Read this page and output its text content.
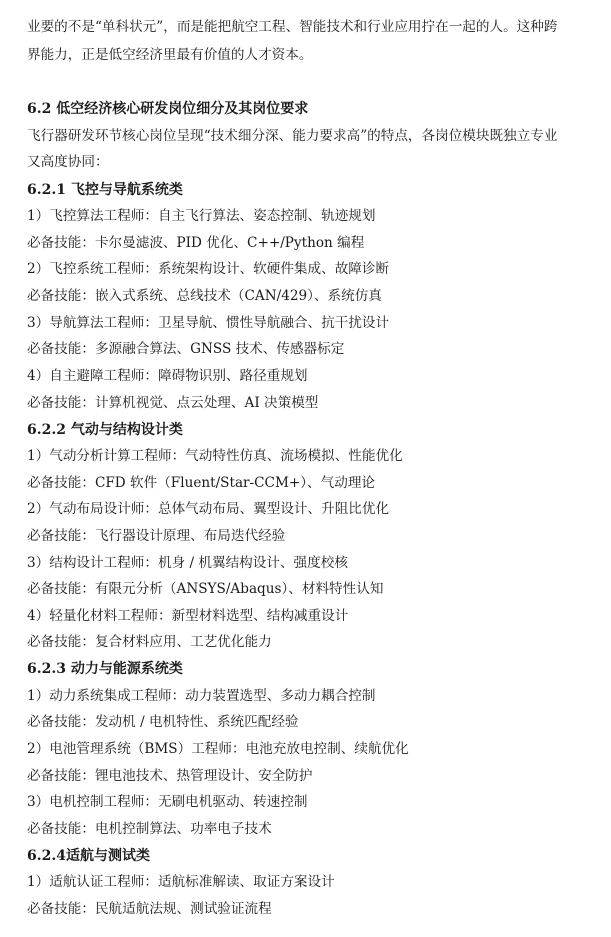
业要的不是“单科状元”，而是能把航空工程、智能技术和行业应用拧在一起的人。这种跨
界能力，正是低空经济里最有价值的人才资本。
6.2 低空经济核心研发岗位细分及其岗位要求
飞行器研发环节核心岗位呈现“技术细分深、能力要求高”的特点，各岗位模块既独立专业
又高度协同：
6.2.1 飞控与导航系统类
1）飞控算法工程师：自主飞行算法、姿态控制、轨迹规划
必备技能：卡尔曼滤波、PID 优化、C++/Python 编程
2）飞控系统工程师：系统架构设计、软硬件集成、故障诊断
必备技能：嵌入式系统、总线技术（CAN/429）、系统仿真
3）导航算法工程师：卫星导航、惯性导航融合、抗干扰设计
必备技能：多源融合算法、GNSS 技术、传感器标定
4）自主避障工程师：障碍物识别、路径重规划
必备技能：计算机视觉、点云处理、AI 决策模型
6.2.2 气动与结构设计类
1）气动分析计算工程师：气动特性仿真、流场模拟、性能优化
必备技能：CFD 软件（Fluent/Star-CCM+）、气动理论
2）气动布局设计师：总体气动布局、翼型设计、升阻比优化
必备技能：飞行器设计原理、布局迭代经验
3）结构设计工程师：机身 / 机翼结构设计、强度校核
必备技能：有限元分析（ANSYS/Abaqus）、材料特性认知
4）轻量化材料工程师：新型材料选型、结构减重设计
必备技能：复合材料应用、工艺优化能力
6.2.3 动力与能源系统类
1）动力系统集成工程师：动力装置选型、多动力耦合控制
必备技能：发动机 / 电机特性、系统匹配经验
2）电池管理系统（BMS）工程师：电池充放电控制、续航优化
必备技能：锂电池技术、热管理设计、安全防护
3）电机控制工程师：无刷电机驱动、转速控制
必备技能：电机控制算法、功率电子技术
6.2.4适航与测试类
1）适航认证工程师：适航标准解读、取证方案设计
必备技能：民航适航法规、测试验证流程
